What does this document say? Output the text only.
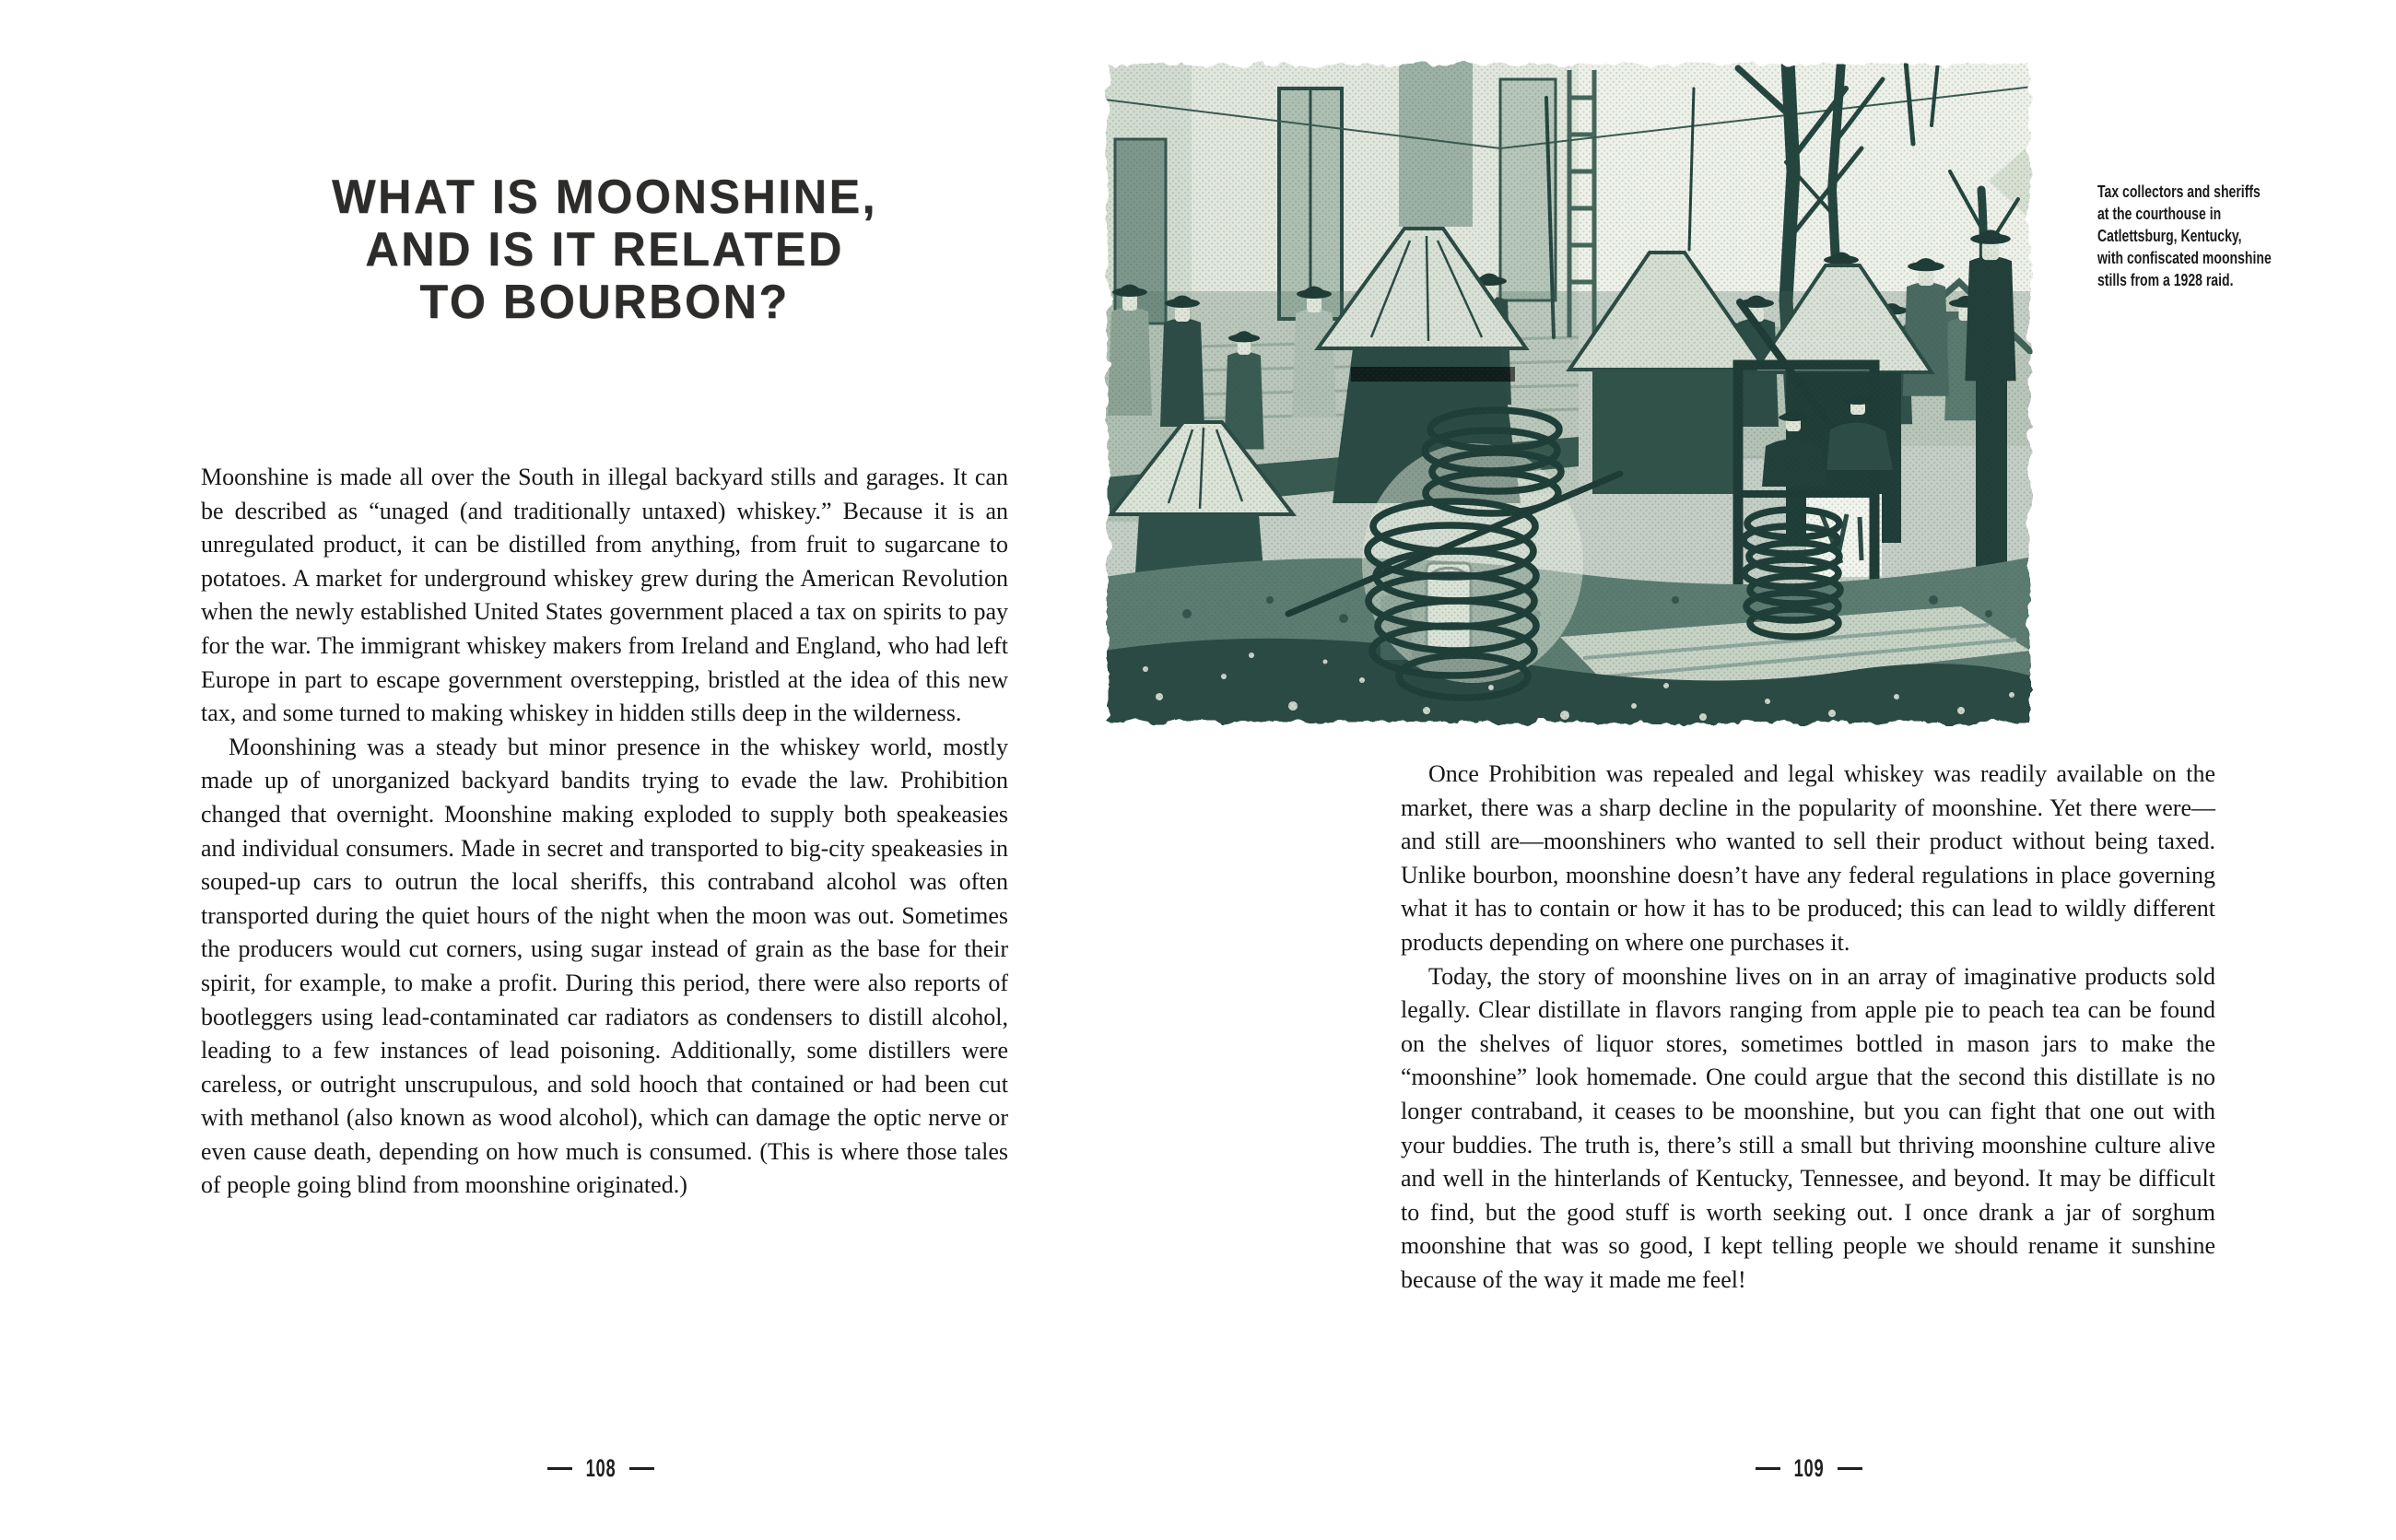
WHAT IS MOONSHINE,
AND IS IT RELATED
TO BOURBON?

Moonshine is made all over the South in illegal backyard stills and garages. It can be described as “unaged (and traditionally untaxed) whiskey.” Because it is an unregulated product, it can be distilled from anything, from fruit to sugarcane to potatoes. A market for underground whiskey grew during the American Revolution when the newly established United States government placed a tax on spirits to pay for the war. The immigrant whiskey makers from Ireland and England, who had left Europe in part to escape government overstepping, bristled at the idea of this new tax, and some turned to making whiskey in hidden stills deep in the wilderness.

Moonshining was a steady but minor presence in the whiskey world, mostly made up of unorganized backyard bandits trying to evade the law. Prohibition changed that overnight. Moonshine making exploded to supply both speakeasies and individual consumers. Made in secret and transported to big-city speakeasies in souped-up cars to outrun the local sheriffs, this contraband alcohol was often transported during the quiet hours of the night when the moon was out. Sometimes the producers would cut corners, using sugar instead of grain as the base for their spirit, for example, to make a profit. During this period, there were also reports of bootleggers using lead-contaminated car radiators as condensers to distill alcohol, leading to a few instances of lead poisoning. Additionally, some distillers were careless, or outright unscrupulous, and sold hooch that contained or had been cut with methanol (also known as wood alcohol), which can damage the optic nerve or even cause death, depending on how much is consumed. (This is where those tales of people going blind from moonshine originated.)

108
Tax collectors and sheriffs
at the courthouse in
Catlettsburg, Kentucky,
with confiscated moonshine
stills from a 1928 raid.

Once Prohibition was repealed and legal whiskey was readily available on the market, there was a sharp decline in the popularity of moonshine. Yet there were—and still are—moonshiners who wanted to sell their product without being taxed. Unlike bourbon, moonshine doesn’t have any federal regulations in place governing what it has to contain or how it has to be produced; this can lead to wildly different products depending on where one purchases it.

Today, the story of moonshine lives on in an array of imaginative products sold legally. Clear distillate in flavors ranging from apple pie to peach tea can be found on the shelves of liquor stores, sometimes bottled in mason jars to make the “moonshine” look homemade. One could argue that the second this distillate is no longer contraband, it ceases to be moonshine, but you can fight that one out with your buddies. The truth is, there’s still a small but thriving moonshine culture alive and well in the hinterlands of Kentucky, Tennessee, and beyond. It may be difficult to find, but the good stuff is worth seeking out. I once drank a jar of sorghum moonshine that was so good, I kept telling people we should rename it sunshine because of the way it made me feel!

109
